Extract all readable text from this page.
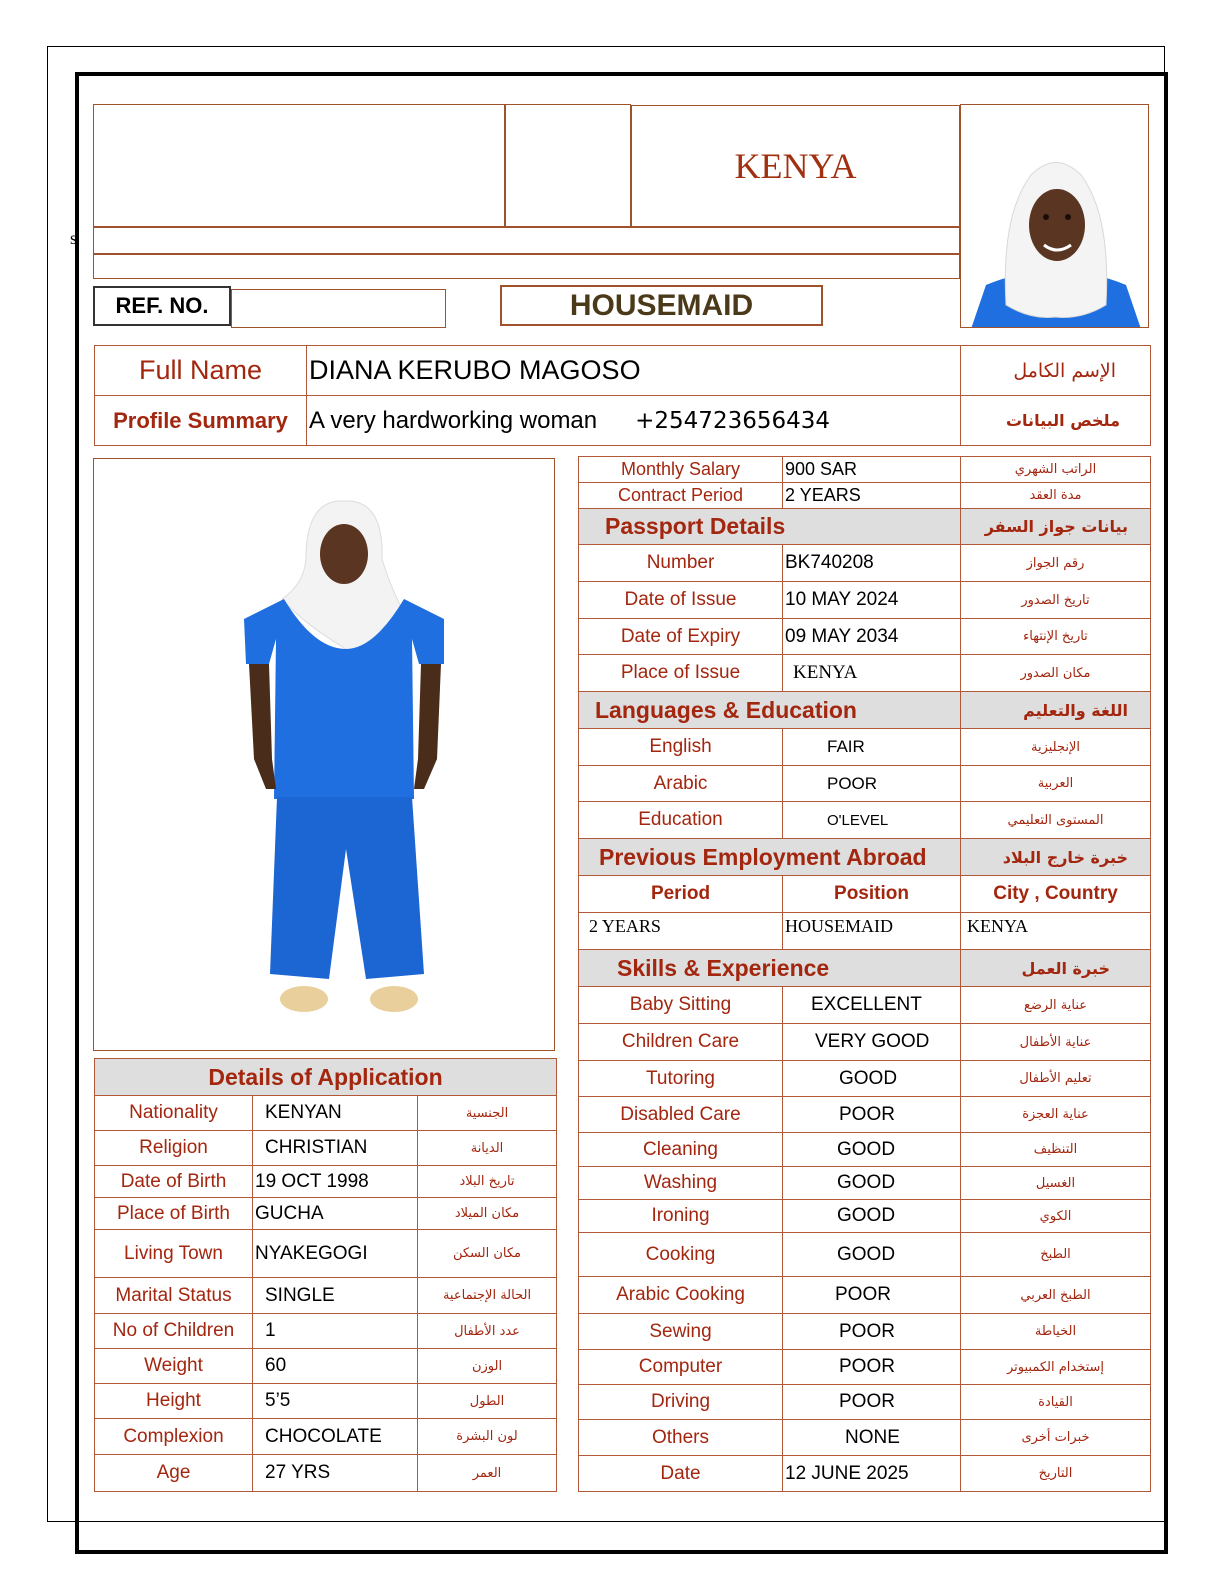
s
KENYA
REF. NO.	HOUSEMAID
Full Name	DIANA KERUBO MAGOSO	الإسم الكامل
Profile Summary	A very hardworking woman +254723656434	ملخص البيانات
Details of Application		
Nationality	KENYAN	الجنسية
Religion	CHRISTIAN	الديانة
Date of Birth	19 OCT 1998	تاريخ البلاد
Place of Birth	GUCHA	مكان الميلاد
Living Town	NYAKEGOGI	مكان السكن
Marital Status	SINGLE	الحالة الإجتماعية
No of Children	1	عدد الأطفال
Weight	60	الوزن
Height	5’5	الطول
Complexion	CHOCOLATE	لون البشرة
Age	27 YRS	العمر
Monthly Salary	900 SAR	الراتب الشهري
Contract Period	2 YEARS	مدة العقد
Passport Details		بيانات جواز السفر
Number	BK740208	رقم الجواز
Date of Issue	10 MAY 2024	تاريخ الصدور
Date of Expiry	09 MAY 2034	تاريخ الإنتهاء
Place of Issue	KENYA	مكان الصدور
Languages & Education		اللغة والتعليم
English	FAIR	الإنجليزية
Arabic	POOR	العربية
Education	O'LEVEL	المستوى التعليمي
Previous Employment Abroad		خبرة خارج البلاد
Period	Position	City , Country
2 YEARS	HOUSEMAID	KENYA
Skills & Experience		خبرة العمل
Baby Sitting	EXCELLENT	عناية الرضع
Children Care	VERY GOOD	عناية الأطفال
Tutoring	GOOD	تعليم الأطفال
Disabled Care	POOR	عناية العجزة
Cleaning	GOOD	التنظيف
Washing	GOOD	الغسيل
Ironing	GOOD	الكوي
Cooking	GOOD	الطبخ
Arabic Cooking	POOR	الطبخ العربي
Sewing	POOR	الخياطة
Computer	POOR	إستخدام الكمبيوتر
Driving	POOR	القيادة
Others	NONE	خبرات أخرى
Date	12 JUNE 2025	التاريخ
